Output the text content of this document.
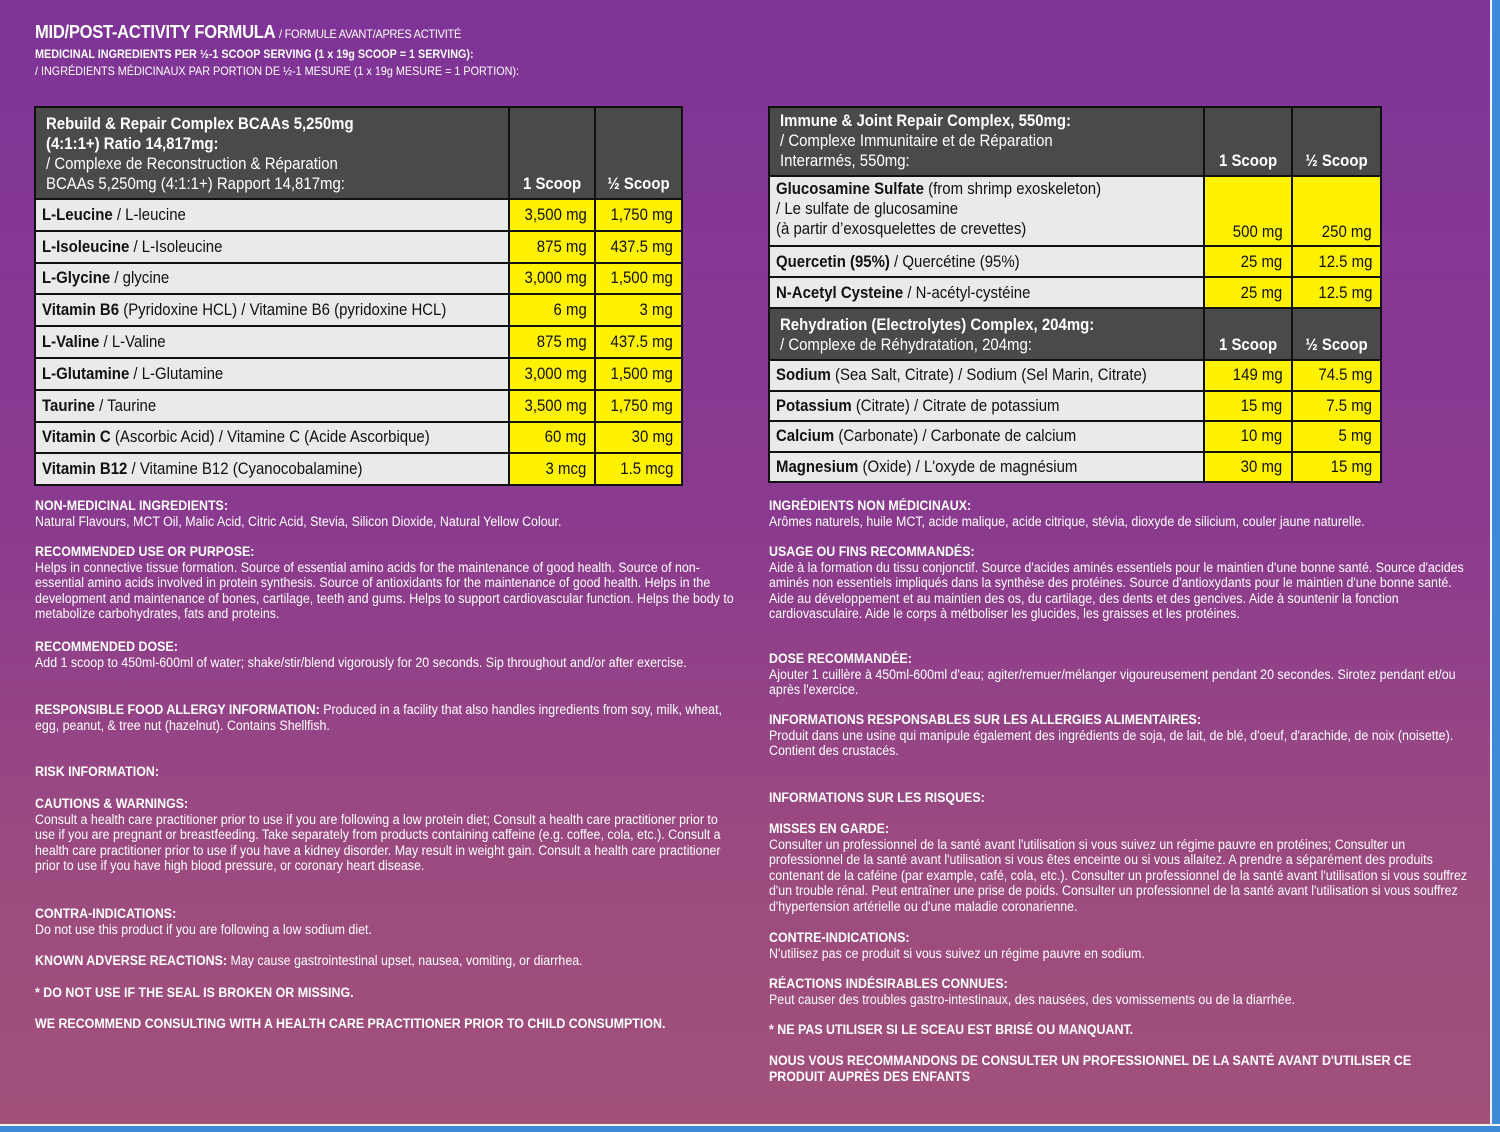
MID/POST-ACTIVITY FORMULA / FORMULE AVANT/APRES ACTIVITÉ
MEDICINAL INGREDIENTS PER ½-1 SCOOP SERVING (1 x 19g SCOOP = 1 SERVING):
/ INGRÉDIENTS MÉDICINAUX PAR PORTION DE ½-1 MESURE (1 x 19g MESURE = 1 PORTION):
Rebuild & Repair Complex BCAAs 5,250mg
(4:1:1+) Ratio 14,817mg:
/ Complexe de Reconstruction & Réparation
BCAAs 5,250mg (4:1:1+) Rapport 14,817mg:	1 Scoop	½ Scoop
L-Leucine / L-leucine	3,500 mg	1,750 mg
L-Isoleucine / L-Isoleucine	875 mg	437.5 mg
L-Glycine / glycine	3,000 mg	1,500 mg
Vitamin B6 (Pyridoxine HCL) / Vitamine B6 (pyridoxine HCL)	6 mg	3 mg
L-Valine / L-Valine	875 mg	437.5 mg
L-Glutamine / L-Glutamine	3,000 mg	1,500 mg
Taurine / Taurine	3,500 mg	1,750 mg
Vitamin C (Ascorbic Acid) / Vitamine C (Acide Ascorbique)	60 mg	30 mg
Vitamin B12 / Vitamine B12 (Cyanocobalamine)	3 mcg	1.5 mcg
Immune & Joint Repair Complex, 550mg:
/ Complexe Immunitaire et de Réparation
Interarmés, 550mg:	1 Scoop	½ Scoop
Glucosamine Sulfate (from shrimp exoskeleton)
/ Le sulfate de glucosamine
(à partir d’exosquelettes de crevettes)	500 mg	250 mg
Quercetin (95%) / Quercétine (95%)	25 mg	12.5 mg
N-Acetyl Cysteine / N-acétyl-cystéine	25 mg	12.5 mg
Rehydration (Electrolytes) Complex, 204mg:
/ Complexe de Réhydratation, 204mg:	1 Scoop	½ Scoop
Sodium (Sea Salt, Citrate) / Sodium (Sel Marin, Citrate)	149 mg	74.5 mg
Potassium (Citrate) / Citrate de potassium	15 mg	7.5 mg
Calcium (Carbonate) / Carbonate de calcium	10 mg	5 mg
Magnesium (Oxide) / L'oxyde de magnésium	30 mg	15 mg

NON-MEDICINAL INGREDIENTS:

Natural Flavours, MCT Oil, Malic Acid, Citric Acid, Stevia, Silicon Dioxide, Natural Yellow Colour.

RECOMMENDED USE OR PURPOSE:

Helps in connective tissue formation. Source of essential amino acids for the maintenance of good health. Source of non-essential amino acids involved in protein synthesis. Source of antioxidants for the maintenance of good health. Helps in the development and maintenance of bones, cartilage, teeth and gums. Helps to support cardiovascular function. Helps the body to metabolize carbohydrates, fats and proteins.

RECOMMENDED DOSE:

Add 1 scoop to 450ml-600ml of water; shake/stir/blend vigorously for 20 seconds. Sip throughout and/or after exercise.

RESPONSIBLE FOOD ALLERGY INFORMATION: Produced in a facility that also handles ingredients from soy, milk, wheat, egg, peanut, & tree nut (hazelnut). Contains Shellfish.

RISK INFORMATION:

CAUTIONS & WARNINGS:

Consult a health care practitioner prior to use if you are following a low protein diet; Consult a health care practitioner prior to use if you are pregnant or breastfeeding. Take separately from products containing caffeine (e.g. coffee, cola, etc.). Consult a health care practitioner prior to use if you have a kidney disorder. May result in weight gain. Consult a health care practitioner prior to use if you have high blood pressure, or coronary heart disease.

CONTRA-INDICATIONS:

Do not use this product if you are following a low sodium diet.

KNOWN ADVERSE REACTIONS: May cause gastrointestinal upset, nausea, vomiting, or diarrhea.

* DO NOT USE IF THE SEAL IS BROKEN OR MISSING.

WE RECOMMEND CONSULTING WITH A HEALTH CARE PRACTITIONER PRIOR TO CHILD CONSUMPTION.

INGRÉDIENTS NON MÉDICINAUX:

Arômes naturels, huile MCT, acide malique, acide citrique, stévia, dioxyde de silicium, couler jaune naturelle.

USAGE OU FINS RECOMMANDÉS:

Aide à la formation du tissu conjonctif. Source d'acides aminés essentiels pour le maintien d'une bonne santé. Source d'acides aminés non essentiels impliqués dans la synthèse des protéines. Source d'antioxydants pour le maintien d'une bonne santé. Aide au développement et au maintien des os, du cartilage, des dents et des gencives. Aide à sountenir la fonction cardiovasculaire. Aide le corps à métboliser les glucides, les graisses et les protéines.

DOSE RECOMMANDÉE:

Ajouter 1 cuillère à 450ml-600ml d'eau; agiter/remuer/mélanger vigoureusement pendant 20 secondes. Sirotez pendant et/ou après l'exercice.

INFORMATIONS RESPONSABLES SUR LES ALLERGIES ALIMENTAIRES:

Produit dans une usine qui manipule également des ingrédients de soja, de lait, de blé, d'oeuf, d'arachide, de noix (noisette). Contient des crustacés.

INFORMATIONS SUR LES RISQUES:

MISSES EN GARDE:

Consulter un professionnel de la santé avant l'utilisation si vous suivez un régime pauvre en protéines; Consulter un professionnel de la santé avant l'utilisation si vous êtes enceinte ou si vous allaitez. A prendre a séparément des produits contenant de la caféine (par example, café, cola, etc.). Consulter un professionnel de la santé avant l'utilisation si vous souffrez d'un trouble rénal. Peut entraîner une prise de poids. Consulter un professionnel de la santé avant l'utilisation si vous souffrez d'hypertension artérielle ou d'une maladie coronarienne.

CONTRE-INDICATIONS:

N'utilisez pas ce produit si vous suivez un régime pauvre en sodium.

RÉACTIONS INDÉSIRABLES CONNUES:

Peut causer des troubles gastro-intestinaux, des nausées, des vomissements ou de la diarrhée.

* NE PAS UTILISER SI LE SCEAU EST BRISÉ OU MANQUANT.

NOUS VOUS RECOMMANDONS DE CONSULTER UN PROFESSIONNEL DE LA SANTÉ AVANT D'UTILISER CE PRODUIT AUPRÈS DES ENFANTS
